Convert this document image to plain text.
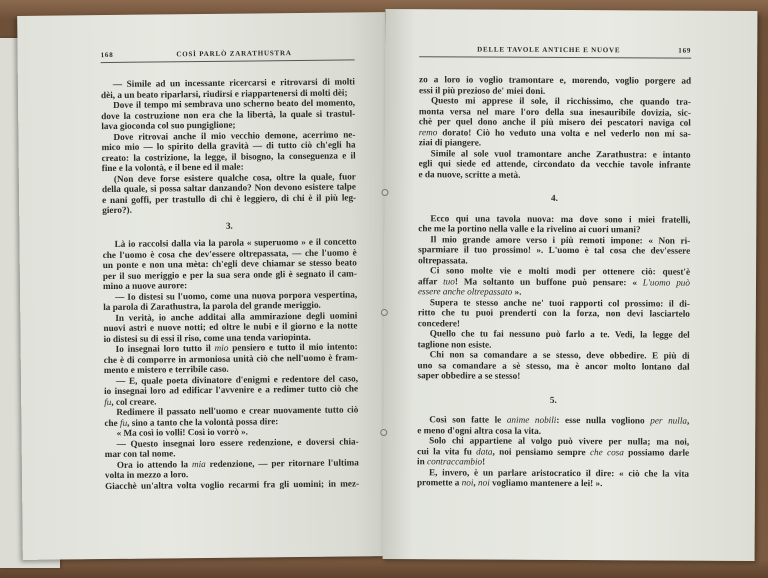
168	COSÌ PARLÒ ZARATHUSTRA
— Simile ad un incessante ricercarsi e ritrovarsi di molti
dèi, a un beato riparlarsi, riudirsi e riappartenersi di molti dèi;
Dove il tempo mi sembrava uno scherno beato del momento,
dove la costruzione non era che la libertà, la quale si trastul-
lava gioconda col suo pungiglione;
Dove ritrovai anche il mio vecchio demone, acerrimo ne-
mico mio — lo spirito della gravità — di tutto ciò ch'egli ha
creato: la costrizione, la legge, il bisogno, la conseguenza e il
fine e la volontà, e il bene ed il male:
(Non deve forse esistere qualche cosa, oltre la quale, fuor
della quale, si possa saltar danzando? Non devono esistere talpe
e nani goffi, per trastullo di chi è leggiero, di chi è il più leg-
giero?).
3.
Là io raccolsi dalla via la parola « superuomo » e il concetto
che l'uomo è cosa che dev'essere oltrepassata, — che l'uomo è
un ponte e non una mèta: ch'egli deve chiamar se stesso beato
per il suo meriggio e per la sua sera onde gli è segnato il cam-
mino a nuove aurore:
— Io distesi su l'uomo, come una nuova porpora vespertina,
la parola di Zarathustra, la parola del grande meriggio.
In verità, io anche additai alla ammirazione degli uomini
nuovi astri e nuove notti; ed oltre le nubi e il giorno e la notte
io distesi su di essi il riso, come una tenda variopinta.
Io insegnai loro tutto il mio pensiero e tutto il mio intento:
che è di comporre in armoniosa unità ciò che nell'uomo è fram-
mento e mistero e terribile caso.
— E, quale poeta divinatore d'enigmi e redentore del caso,
io insegnai loro ad edificar l'avvenire e a redimer tutto ciò che
fu, col creare.
Redimere il passato nell'uomo e crear nuovamente tutto ciò
che fu, sino a tanto che la volontà possa dire:
« Ma così io volli! Così io vorrò ».
— Questo insegnai loro essere redenzione, e doversi chia-
mar con tal nome.
Ora io attendo la mia redenzione, — per ritornare l'ultima
volta in mezzo a loro.
Giacchè un'altra volta voglio recarmi fra gli uomini; in mez-
DELLE TAVOLE ANTICHE E NUOVE	169
zo a loro io voglio tramontare e, morendo, voglio porgere ad
essi il più prezioso de' miei doni.
Questo mi apprese il sole, il ricchissimo, che quando tra-
monta versa nel mare l'oro della sua inesauribile dovizia, sic-
chè per quel dono anche il più misero dei pescatori naviga col
remo dorato! Ciò ho veduto una volta e nel vederlo non mi sa-
ziai di piangere.
Simile al sole vuol tramontare anche Zarathustra: e intanto
egli qui siede ed attende, circondato da vecchie tavole infrante
e da nuove, scritte a metà.
4.
Ecco qui una tavola nuova: ma dove sono i miei fratelli,
che me la portino nella valle e la rivelino ai cuori umani?
Il mio grande amore verso i più remoti impone: « Non ri-
sparmiare il tuo prossimo! ». L'uomo è tal cosa che dev'essere
oltrepassata.
Ci sono molte vie e molti modi per ottenere ciò: quest'è
affar tuo! Ma soltanto un buffone può pensare: « L'uomo può
essere anche oltrepassato ».
Supera te stesso anche ne' tuoi rapporti col prossimo: il di-
ritto che tu puoi prenderti con la forza, non devi lasciartelo
concedere!
Quello che tu fai nessuno può farlo a te. Vedi, la legge del
taglione non esiste.
Chi non sa comandare a se stesso, deve obbedire. E più di
uno sa comandare a sè stesso, ma è ancor molto lontano dal
saper obbedire a se stesso!
5.
Così son fatte le anime nobili: esse nulla vogliono per nulla,
e meno d'ogni altra cosa la vita.
Solo chi appartiene al volgo può vivere per nulla; ma noi,
cui la vita fu data, noi pensiamo sempre che cosa possiamo darle
in contraccambio!
E, invero, è un parlare aristocratico il dire: « ciò che la vita
promette a noi, noi vogliamo mantenere a lei! ».
